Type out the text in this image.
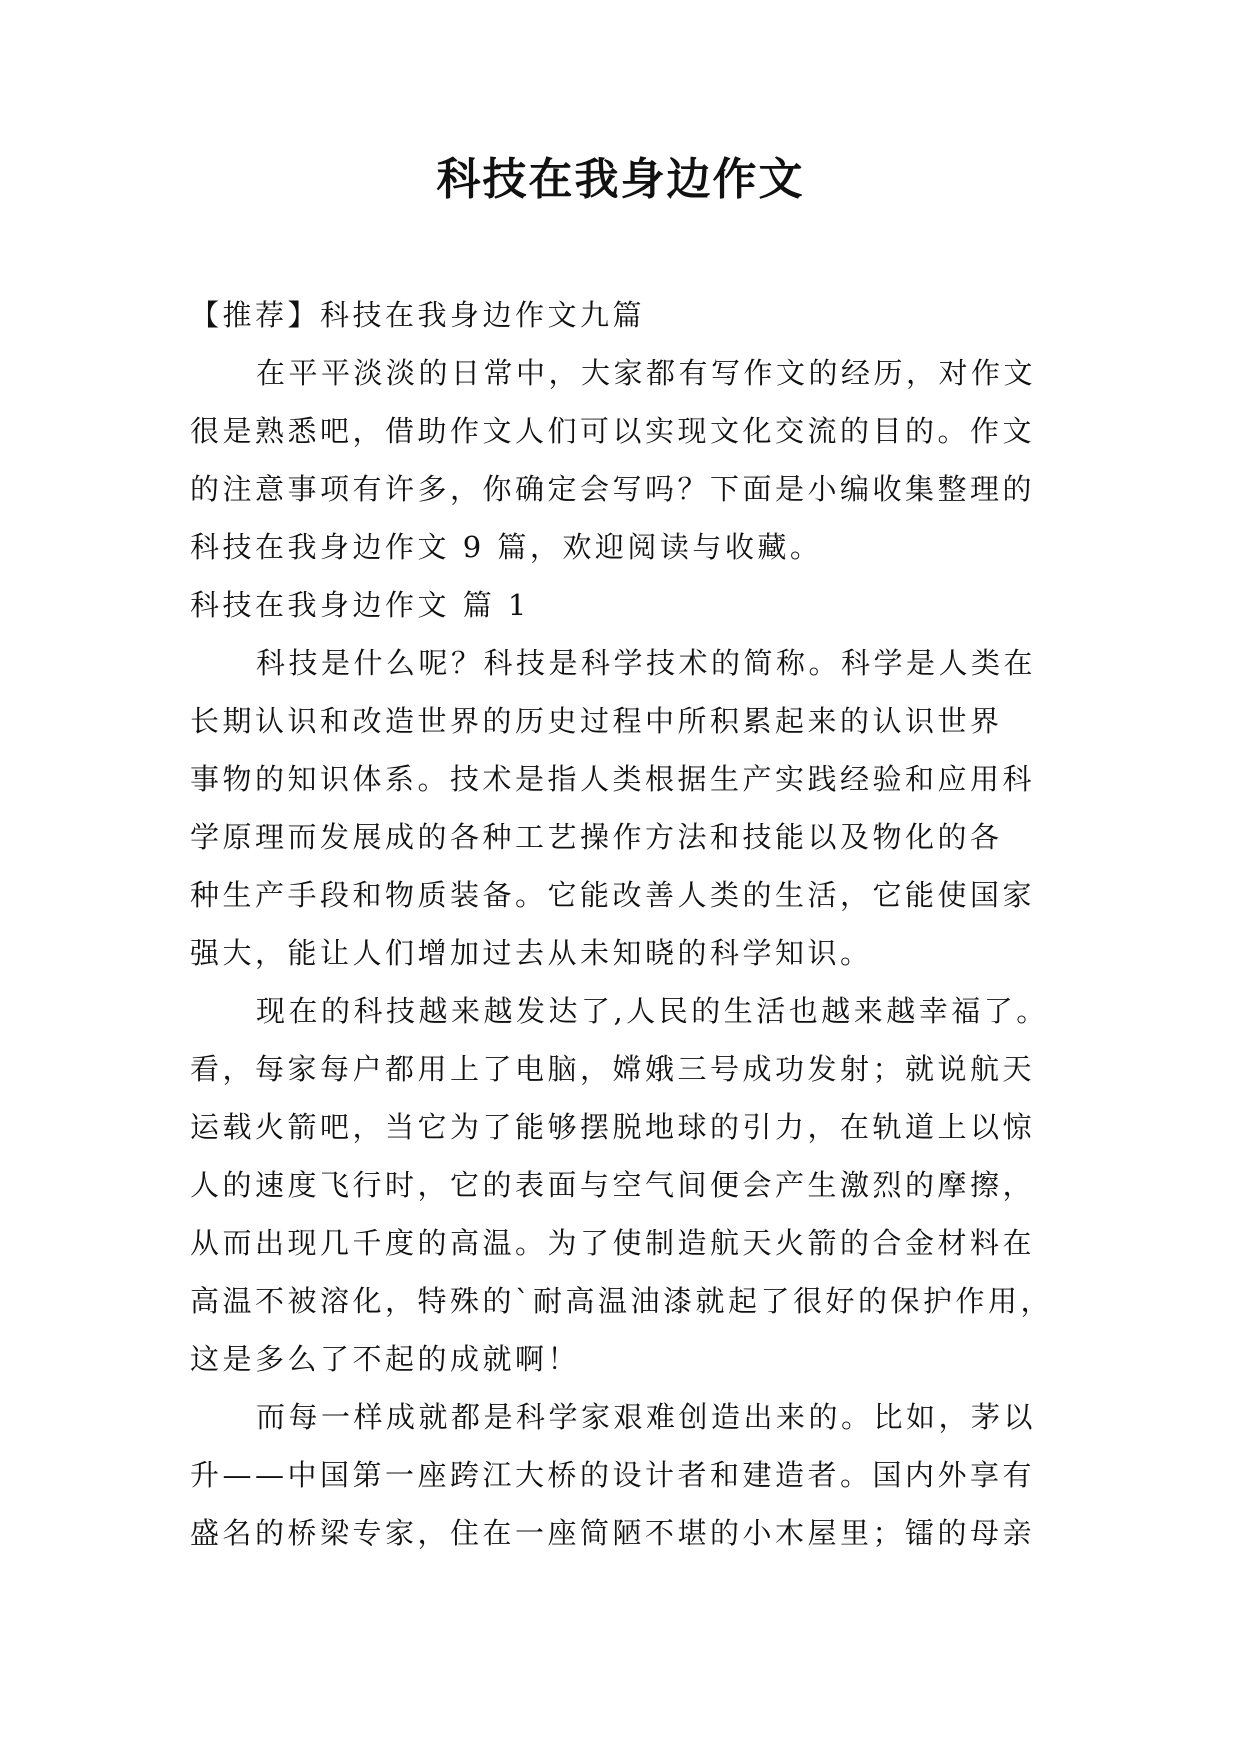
科技在我身边作文

【推荐】科技在我身边作文九篇

在平平淡淡的日常中，大家都有写作文的经历，对作文

很是熟悉吧，借助作文人们可以实现文化交流的目的。作文

的注意事项有许多，你确定会写吗？下面是小编收集整理的

科技在我身边作文 9 篇，欢迎阅读与收藏。

科技在我身边作文 篇 1

科技是什么呢？科技是科学技术的简称。科学是人类在

长期认识和改造世界的历史过程中所积累起来的认识世界

事物的知识体系。技术是指人类根据生产实践经验和应用科

学原理而发展成的各种工艺操作方法和技能以及物化的各

种生产手段和物质装备。它能改善人类的生活，它能使国家

强大，能让人们增加过去从未知晓的科学知识。

现在的科技越来越发达了,人民的生活也越来越幸福了。

看，每家每户都用上了电脑，嫦娥三号成功发射；就说航天

运载火箭吧，当它为了能够摆脱地球的引力，在轨道上以惊

人的速度飞行时，它的表面与空气间便会产生激烈的摩擦，

从而出现几千度的高温。为了使制造航天火箭的合金材料在

高温不被溶化，特殊的`耐高温油漆就起了很好的保护作用，

这是多么了不起的成就啊！

而每一样成就都是科学家艰难创造出来的。比如，茅以

升——中国第一座跨江大桥的设计者和建造者。国内外享有

盛名的桥梁专家，住在一座简陋不堪的小木屋里；镭的母亲
